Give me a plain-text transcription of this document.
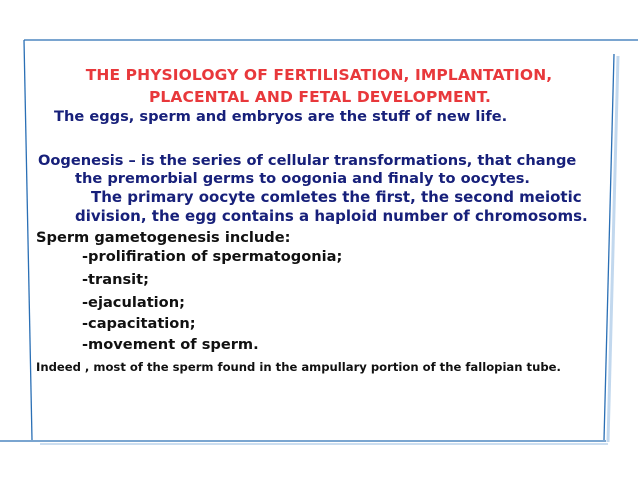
THE PHYSIOLOGY OF FERTILISATION, IMPLANTATION,
PLACENTAL AND FETAL DEVELOPMENT.
The eggs, sperm and embryos are the stuff of new life.
Oogenesis – is the series of cellular transformations, that change
the premorbial germs to oogonia and finaly to oocytes.
The primary oocyte comletes the first, the second meiotic
division, the egg contains a haploid number of chromosoms.
Sperm gametogenesis include:
-prolifiration of spermatogonia;
-transit;
-ejaculation;
-capacitation;
-movement of sperm.
Indeed , most of the sperm found in the ampullary portion of the fallopian tube.
